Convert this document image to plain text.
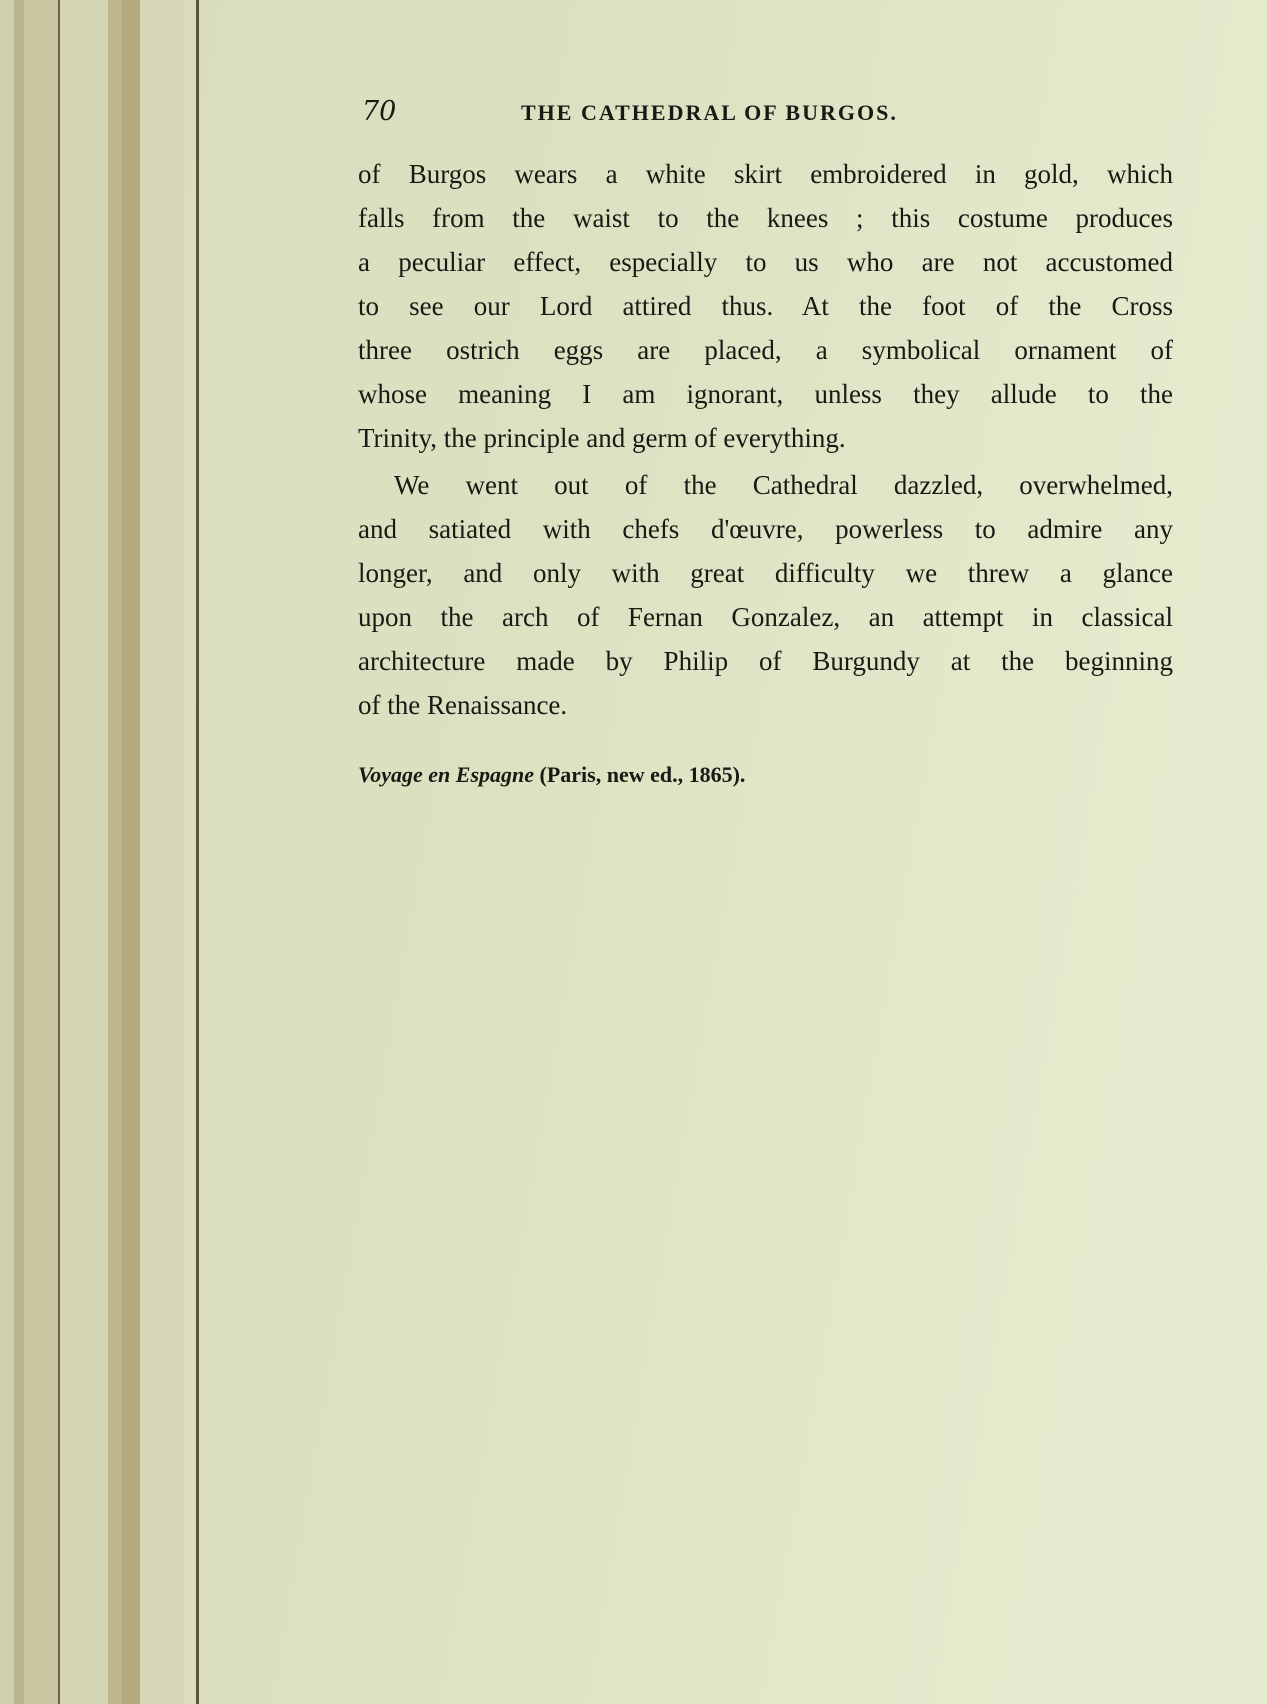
70	THE CATHEDRAL OF BURGOS.
of Burgos wears a white skirt embroidered in gold, which
falls from the waist to the knees ; this costume produces
a peculiar effect, especially to us who are not accustomed
to see our Lord attired thus. At the foot of the Cross
three ostrich eggs are placed, a symbolical ornament of
whose meaning I am ignorant, unless they allude to the
Trinity, the principle and germ of everything.
We went out of the Cathedral dazzled, overwhelmed,
and satiated with chefs d'œuvre, powerless to admire any
longer, and only with great difficulty we threw a glance
upon the arch of Fernan Gonzalez, an attempt in classical
architecture made by Philip of Burgundy at the beginning
of the Renaissance.
Voyage en Espagne (Paris, new ed., 1865).
